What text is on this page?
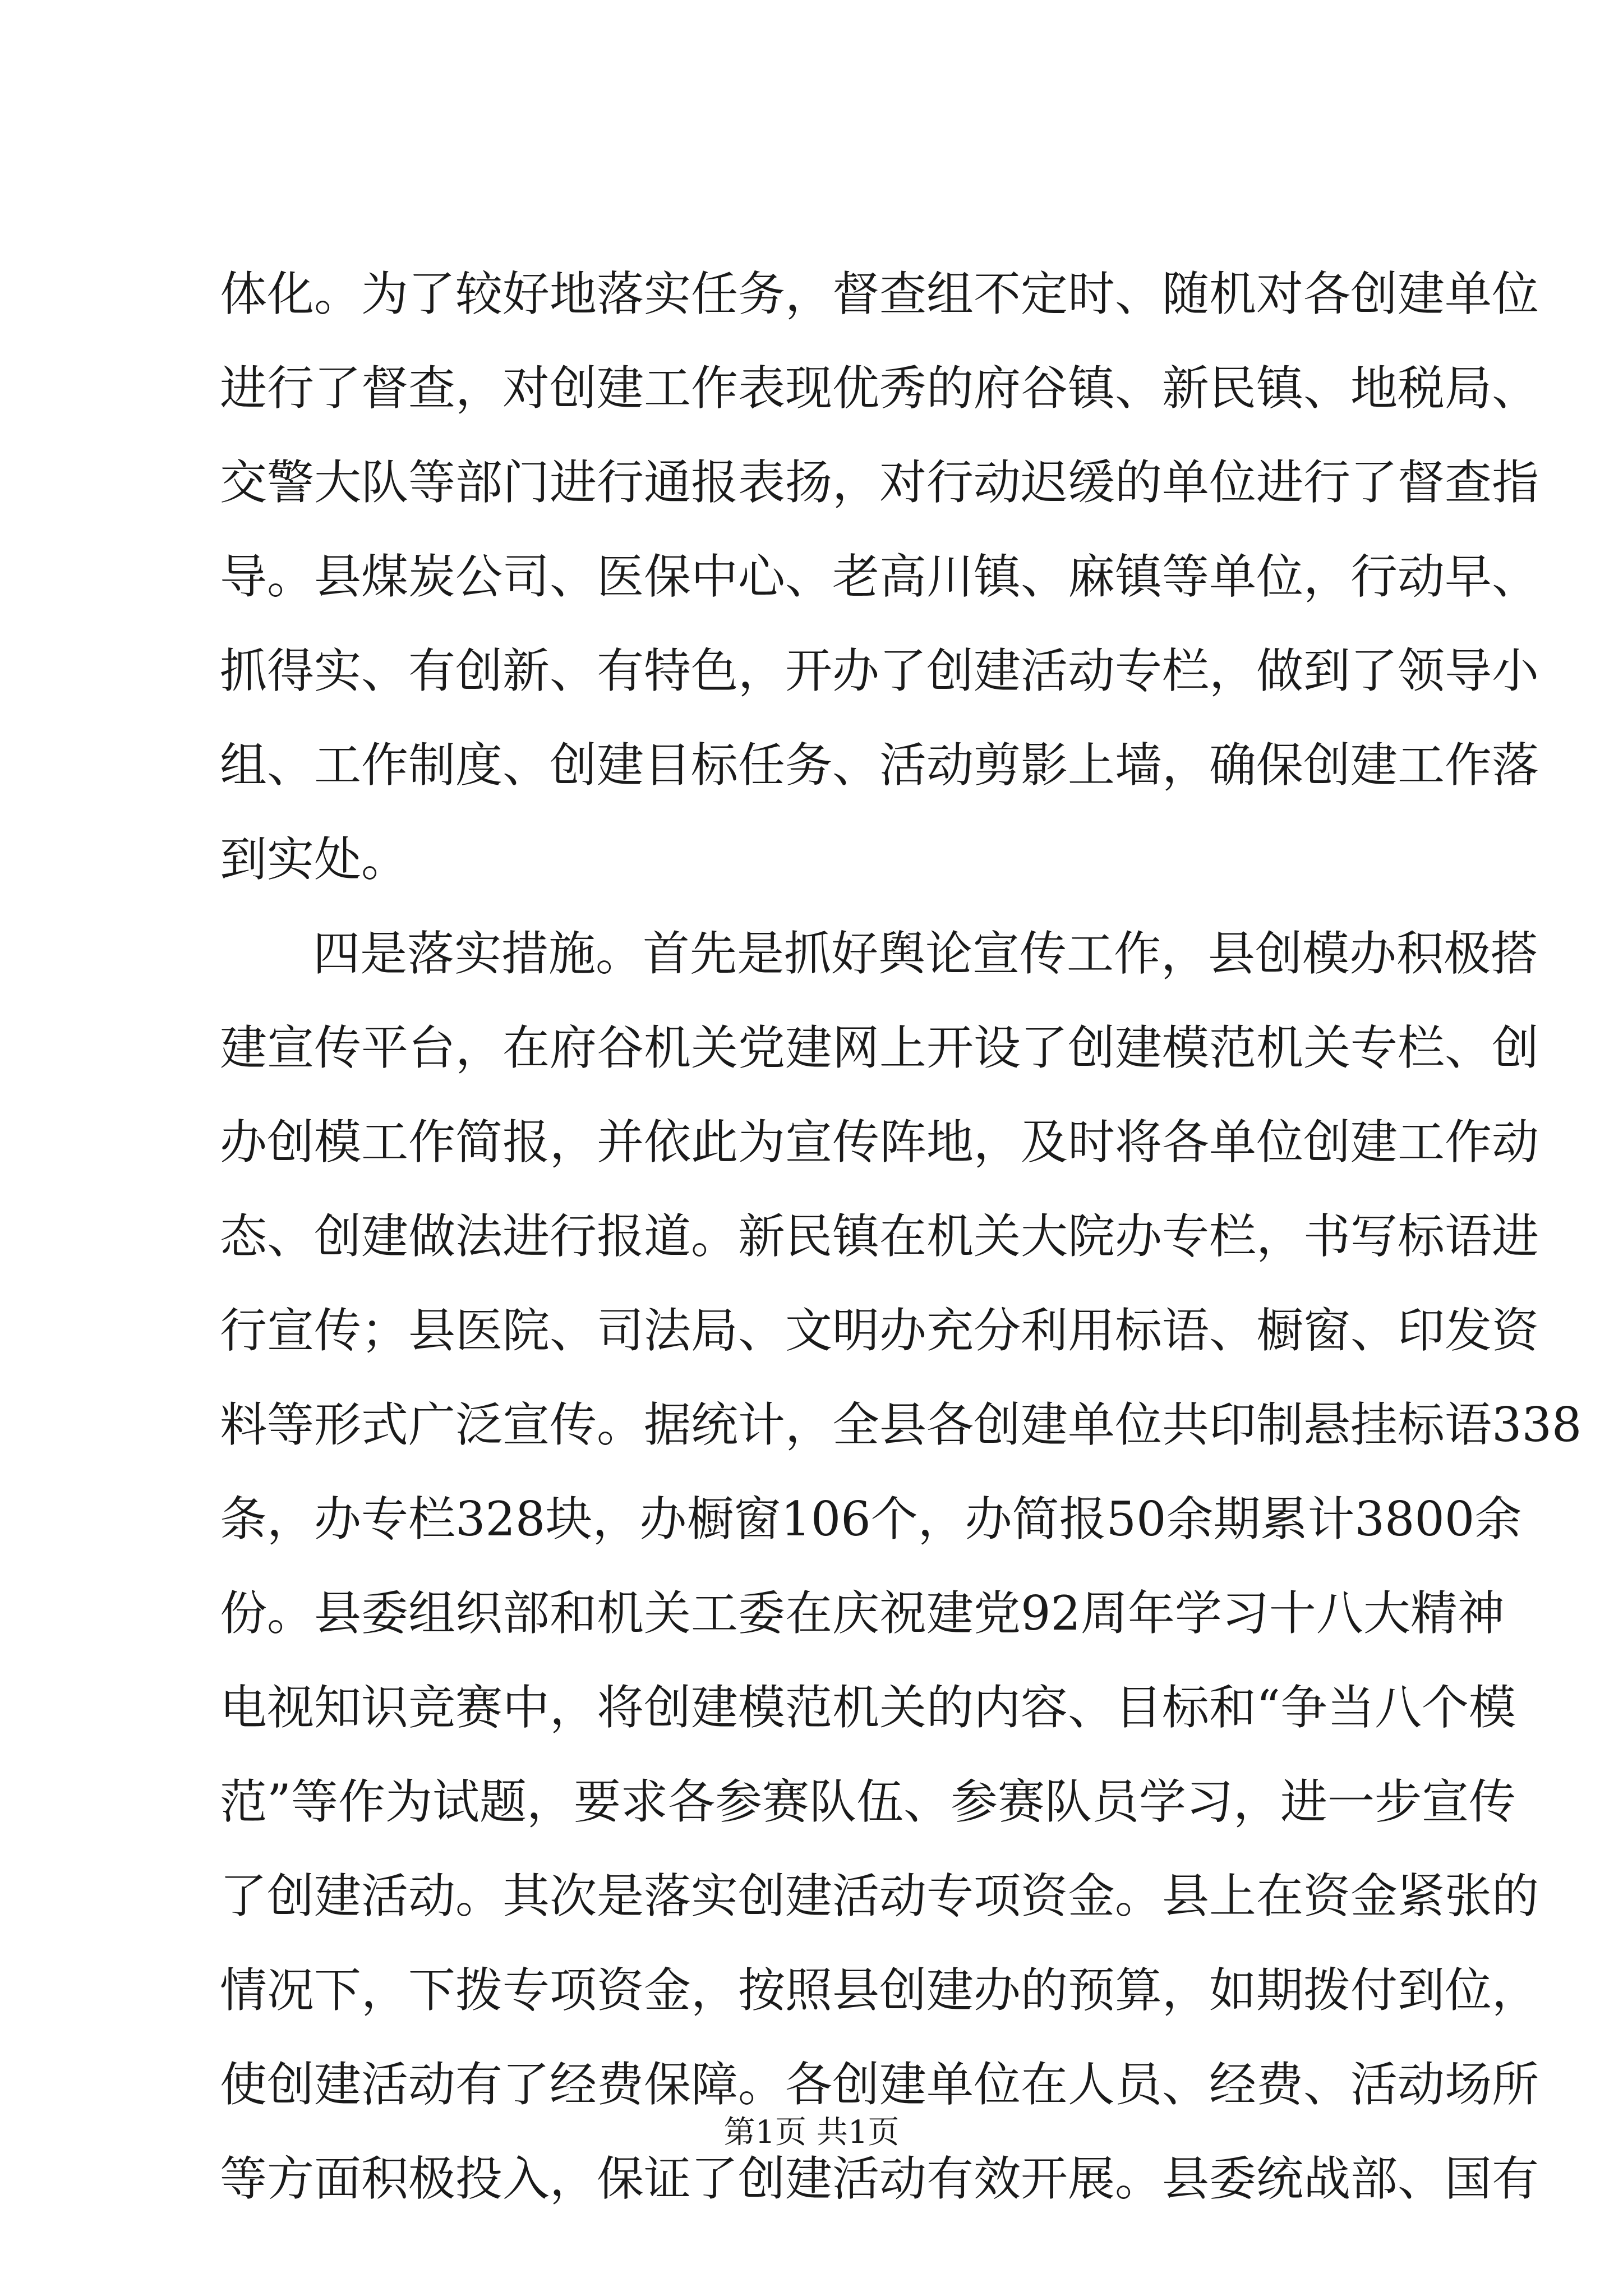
体化。为了较好地落实任务，督查组不定时、随机对各创建单位
进行了督查，对创建工作表现优秀的府谷镇、新民镇、地税局、
交警大队等部门进行通报表扬，对行动迟缓的单位进行了督查指
导。县煤炭公司、医保中心、老高川镇、麻镇等单位，行动早、
抓得实、有创新、有特色，开办了创建活动专栏，做到了领导小
组、工作制度、创建目标任务、活动剪影上墙，确保创建工作落
到实处。
四是落实措施。首先是抓好舆论宣传工作，县创模办积极搭
建宣传平台，在府谷机关党建网上开设了创建模范机关专栏、创
办创模工作简报，并依此为宣传阵地，及时将各单位创建工作动
态、创建做法进行报道。新民镇在机关大院办专栏，书写标语进
行宣传；县医院、司法局、文明办充分利用标语、橱窗、印发资
料等形式广泛宣传。据统计，全县各创建单位共印制悬挂标语338
条，办专栏328块，办橱窗106个，办简报50余期累计3800余
份。县委组织部和机关工委在庆祝建党92周年学习十八大精神
电视知识竞赛中，将创建模范机关的内容、目标和“争当八个模
范”等作为试题，要求各参赛队伍、参赛队员学习，进一步宣传
了创建活动。其次是落实创建活动专项资金。县上在资金紧张的
情况下，下拨专项资金，按照县创建办的预算，如期拨付到位，
使创建活动有了经费保障。各创建单位在人员、经费、活动场所
等方面积极投入，保证了创建活动有效开展。县委统战部、国有
第1页 共1页
